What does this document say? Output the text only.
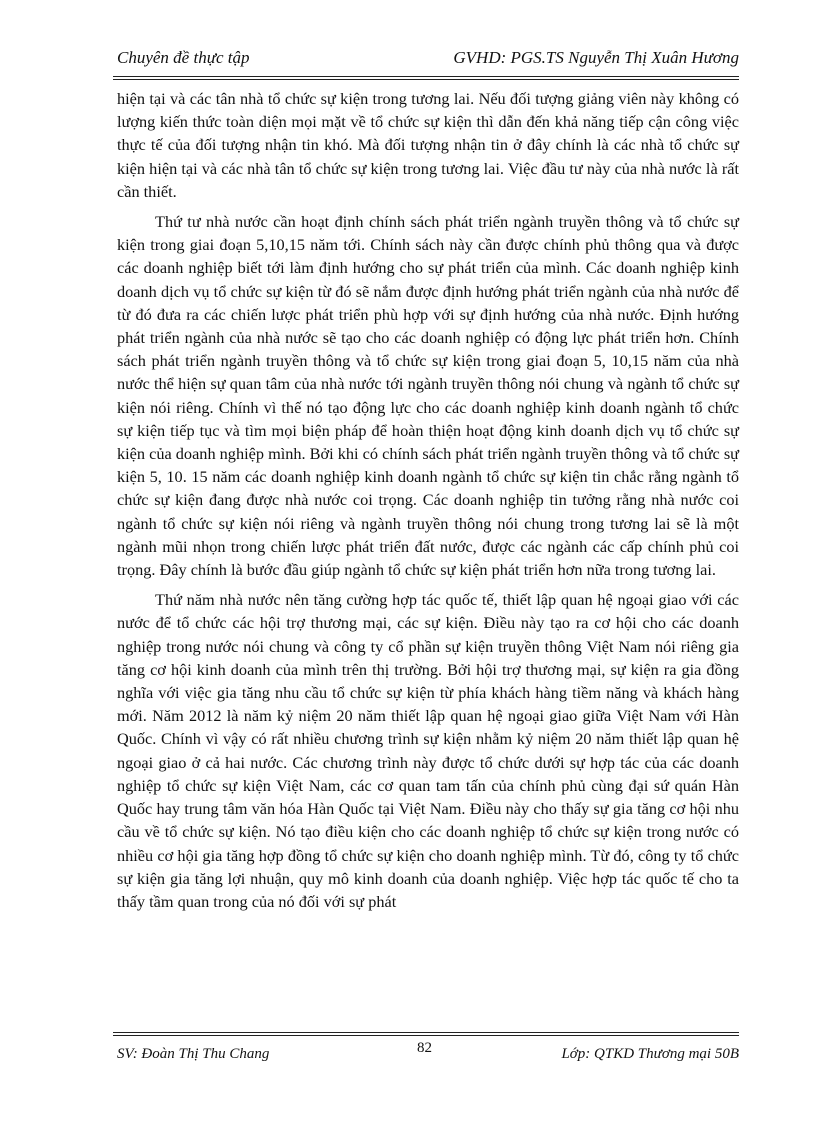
Chuyên đề thực tập	GVHD: PGS.TS Nguyễn Thị Xuân Hương

hiện tại và các tân nhà tổ chức sự kiện trong tương lai. Nếu đối tượng giảng viên này không có lượng kiến thức toàn diện mọi mặt về tổ chức sự kiện thì dẫn đến khả năng tiếp cận công việc thực tế của đối tượng nhận tin khó. Mà đối tượng nhận tin ở đây chính là các nhà tổ chức sự kiện hiện tại và các nhà tân tổ chức sự kiện trong tương lai. Việc đầu tư này của nhà nước là rất cần thiết.

Thứ tư nhà nước cần hoạt định chính sách phát triển ngành truyền thông và tổ chức sự kiện trong giai đoạn 5,10,15 năm tới. Chính sách này cần được chính phủ thông qua và được các doanh nghiệp biết tới làm định hướng cho sự phát triển của mình. Các doanh nghiệp kinh doanh dịch vụ tổ chức sự kiện từ đó sẽ nắm được định hướng phát triển ngành của nhà nước để từ đó đưa ra các chiến lược phát triển phù hợp với sự định hướng của nhà nước. Định hướng phát triển ngành của nhà nước sẽ tạo cho các doanh nghiệp có động lực phát triển hơn. Chính sách phát triển ngành truyền thông và tổ chức sự kiện trong giai đoạn 5, 10,15 năm của nhà nước thể hiện sự quan tâm của nhà nước tới ngành truyền thông nói chung và ngành tổ chức sự kiện nói riêng. Chính vì thế nó tạo động lực cho các doanh nghiệp kinh doanh ngành tổ chức sự kiện tiếp tục và tìm mọi biện pháp để hoàn thiện hoạt động kinh doanh dịch vụ tổ chức sự kiện của doanh nghiệp mình. Bởi khi có chính sách phát triển ngành truyền thông và tổ chức sự kiện 5, 10. 15 năm các doanh nghiệp kinh doanh ngành tổ chức sự kiện tin chắc rằng ngành tổ chức sự kiện đang được nhà nước coi trọng. Các doanh nghiệp tin tưởng rằng nhà nước coi ngành tổ chức sự kiện nói riêng và ngành truyền thông nói chung trong tương lai sẽ là một ngành mũi nhọn trong chiến lược phát triển đất nước, được các ngành các cấp chính phủ coi trọng. Đây chính là bước đầu giúp ngành tổ chức sự kiện phát triển hơn nữa trong tương lai.

Thứ năm nhà nước nên tăng cường hợp tác quốc tế, thiết lập quan hệ ngoại giao với các nước để tổ chức các hội trợ thương mại, các sự kiện. Điều này tạo ra cơ hội cho các doanh nghiệp trong nước nói chung và công ty cổ phần sự kiện truyền thông Việt Nam nói riêng gia tăng cơ hội kinh doanh của mình trên thị trường. Bởi hội trợ thương mại, sự kiện ra gia đồng nghĩa với việc gia tăng nhu cầu tổ chức sự kiện từ phía khách hàng tiềm năng và khách hàng mới. Năm 2012 là năm kỷ niệm 20 năm thiết lập quan hệ ngoại giao giữa Việt Nam với Hàn Quốc. Chính vì vậy có rất nhiều chương trình sự kiện nhằm kỷ niệm 20 năm thiết lập quan hệ ngoại giao ở cả hai nước. Các chương trình này được tổ chức dưới sự hợp tác của các doanh nghiệp tổ chức sự kiện Việt Nam, các cơ quan tam tấn của chính phủ cùng đại sứ quán Hàn Quốc hay trung tâm văn hóa Hàn Quốc tại Việt Nam. Điều này cho thấy sự gia tăng cơ hội nhu cầu về tổ chức sự kiện. Nó tạo điều kiện cho các doanh nghiệp tổ chức sự kiện trong nước có nhiều cơ hội gia tăng hợp đồng tổ chức sự kiện cho doanh nghiệp mình. Từ đó, công ty tổ chức sự kiện gia tăng lợi nhuận, quy mô kinh doanh của doanh nghiệp. Việc hợp tác quốc tế cho ta thấy tầm quan trong của nó đối với sự phát

SV: Đoàn Thị Thu Chang	82	Lớp: QTKD Thương mại 50B
